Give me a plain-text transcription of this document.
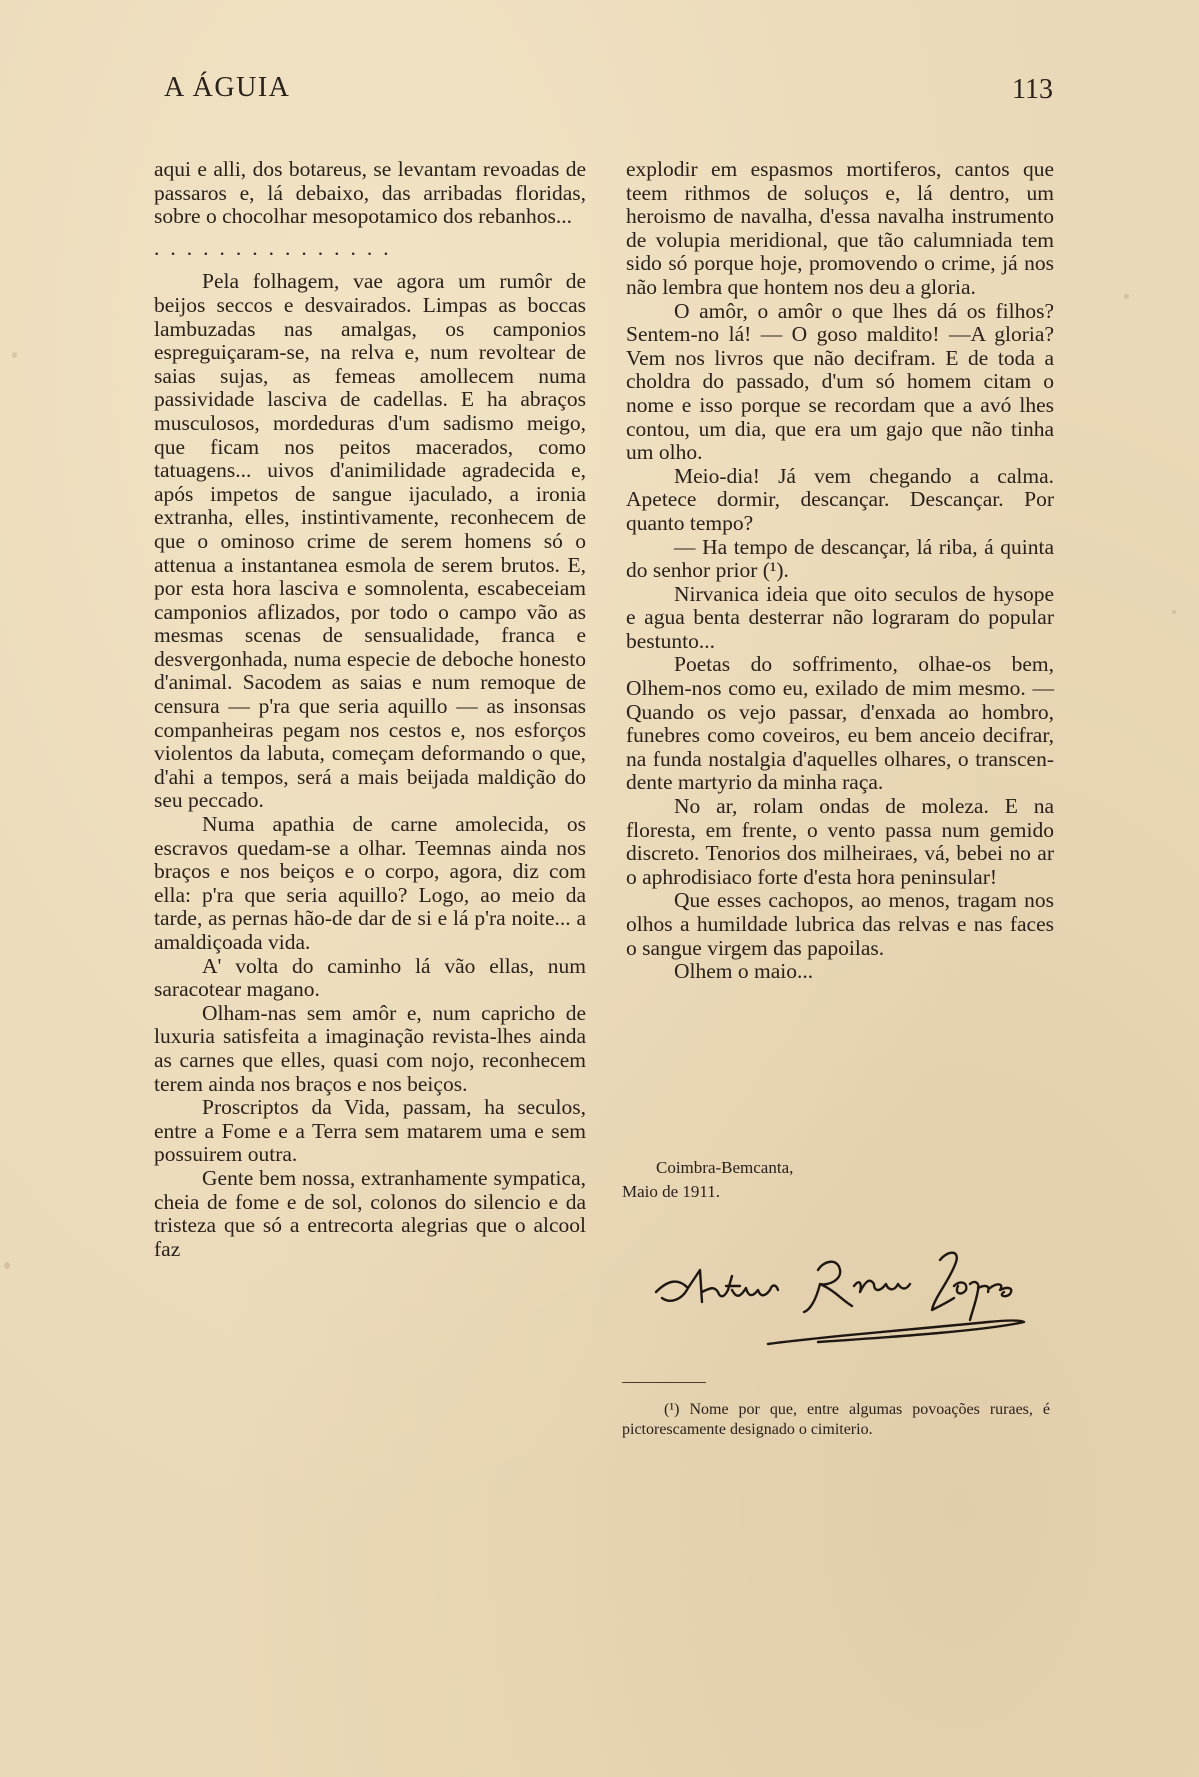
A ÁGUIA	113

aqui e alli, dos botareus, se levantam revoadas de passaros e, lá debaixo, das arribadas floridas, sobre o chocolhar mesopotamico dos rebanhos...

...............

Pela folhagem, vae agora um rumôr de beijos seccos e desvairados. Limpas as boccas lambuzadas nas amalgas, os camponios espreguiçaram-se, na relva e, num revoltear de saias sujas, as femeas amollecem numa passividade lasciva de cadellas. E ha abraços musculosos, mordeduras d'um sadismo meigo, que ficam nos peitos macerados, como tatuagens... uivos d'animilidade agradecida e, após impetos de sangue ijaculado, a ironia extranha, elles, instintivamente, reconhecem de que o ominoso crime de serem homens só o attenua a instantanea esmola de serem brutos. E, por esta hora lasciva e somnolenta, escabeceiam camponios aflizados, por todo o campo vão as mesmas scenas de sensualidade, franca e desvergonhada, numa especie de deboche honesto d'animal. Sacodem as saias e num remoque de censura — p'ra que seria aquillo — as insonsas companheiras pegam nos cestos e, nos esforços violentos da labuta, começam deformando o que, d'ahi a tempos, será a mais beijada maldição do seu peccado.

Numa apathia de carne amolecida, os escravos quedam-se a olhar. Teemnas ainda nos braços e nos beiços e o corpo, agora, diz com ella: p'ra que seria aquillo? Logo, ao meio da tarde, as pernas hão-de dar de si e lá p'ra noite... a amaldiçoada vida.

A' volta do caminho lá vão ellas, num saracotear magano.

Olham-nas sem amôr e, num capricho de luxuria satisfeita a imaginação revista-lhes ainda as carnes que elles, quasi com nojo, reconhecem terem ainda nos braços e nos beiços.

Proscriptos da Vida, passam, ha seculos, entre a Fome e a Terra sem matarem uma e sem possuirem outra.

Gente bem nossa, extranhamente sympatica, cheia de fome e de sol, colonos do silencio e da tristeza que só a entrecorta alegrias que o alcool faz

explodir em espasmos mortiferos, cantos que teem rithmos de soluços e, lá dentro, um heroismo de navalha, d'essa navalha instrumento de volupia meridional, que tão calumniada tem sido só porque hoje, promovendo o crime, já nos não lembra que hontem nos deu a gloria.

O amôr, o amôr o que lhes dá os filhos? Sentem-no lá! — O goso maldito! —A gloria? Vem nos livros que não decifram. E de toda a choldra do passado, d'um só homem citam o nome e isso porque se recordam que a avó lhes contou, um dia, que era um gajo que não tinha um olho.

Meio-dia! Já vem chegando a calma. Apetece dormir, descançar. Descançar. Por quanto tempo?

— Ha tempo de descançar, lá riba, á quinta do senhor prior (¹).

Nirvanica ideia que oito seculos de hysope e agua benta desterrar não lograram do popular bestunto...

Poetas do soffrimento, olhae-os bem, Olhem-nos como eu, exilado de mim mesmo. — Quando os vejo passar, d'enxada ao hombro, funebres como coveiros, eu bem anceio decifrar, na funda nostalgia d'aquelles olhares, o transcendente martyrio da minha raça.

No ar, rolam ondas de moleza. E na floresta, em frente, o vento passa num gemido discreto. Tenorios dos milheiraes, vá, bebei no ar o aphrodisiaco forte d'esta hora peninsular!

Que esses cachopos, ao menos, tragam nos olhos a humildade lubrica das relvas e nas faces o sangue virgem das papoilas.

Olhem o maio...

Coimbra-Bemcanta,
Maio de 1911.
(¹) Nome por que, entre algumas povoações ruraes, é pictorescamente designado o cimiterio.
